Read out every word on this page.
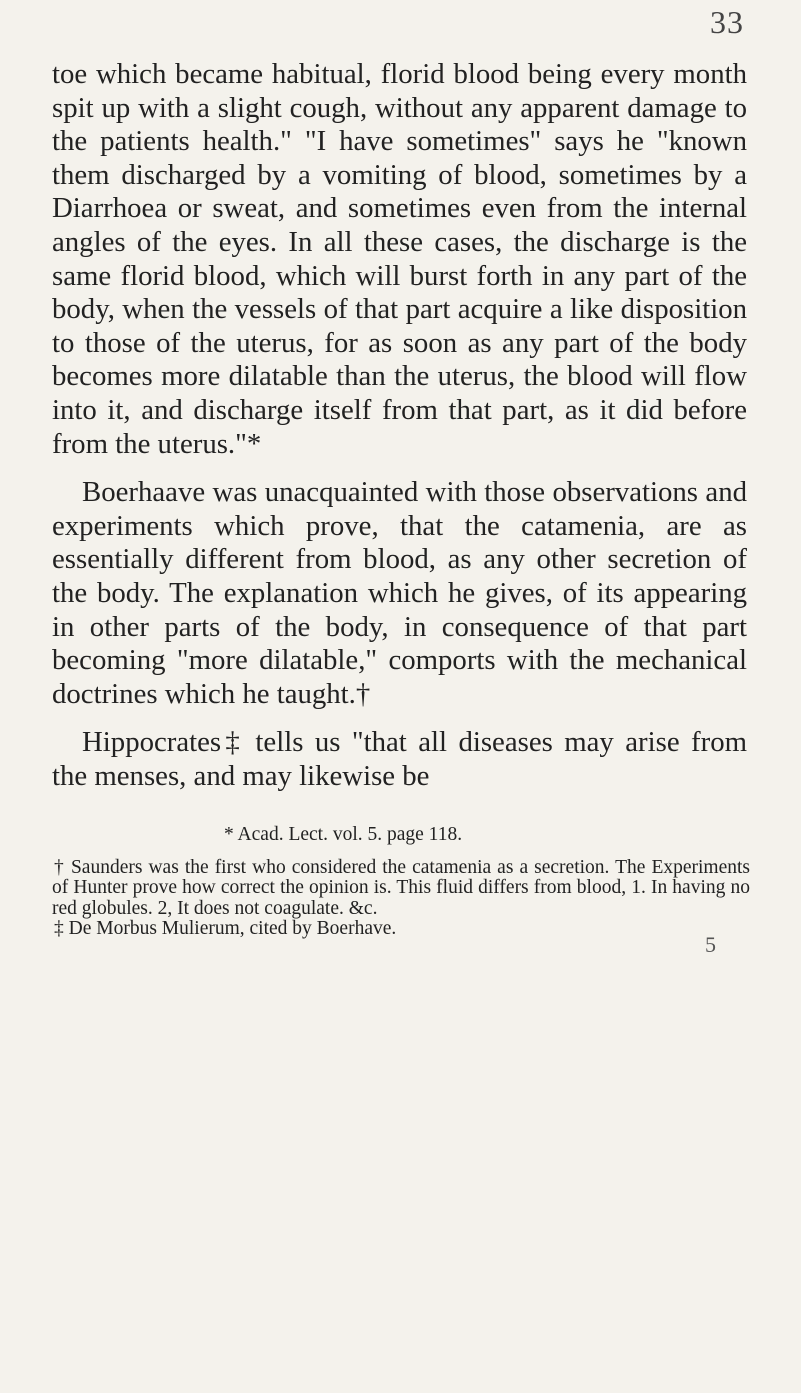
33

toe which became habitual, florid blood being every month spit up with a slight cough, without any apparent damage to the patients health." "I have sometimes" says he "known them discharged by a vomiting of blood, sometimes by a Diarrhoea or sweat, and sometimes even from the internal angles of the eyes. In all these cases, the discharge is the same florid blood, which will burst forth in any part of the body, when the vessels of that part acquire a like disposition to those of the uterus, for as soon as any part of the body becomes more dilatable than the uterus, the blood will flow into it, and discharge itself from that part, as it did before from the uterus."*

Boerhaave was unacquainted with those observations and experiments which prove, that the catamenia, are as essentially different from blood, as any other secretion of the body. The explanation which he gives, of its appearing in other parts of the body, in consequence of that part becoming "more dilatable," comports with the mechanical doctrines which he taught.†

Hippocrates‡ tells us "that all diseases may arise from the menses, and may likewise be

* Acad. Lect. vol. 5. page 118.

† Saunders was the first who considered the catamenia as a secretion. The Experiments of Hunter prove how correct the opinion is. This fluid differs from blood, 1. In having no red globules. 2, It does not coagulate. &c.

‡ De Morbus Mulierum, cited by Boerhave.

5
